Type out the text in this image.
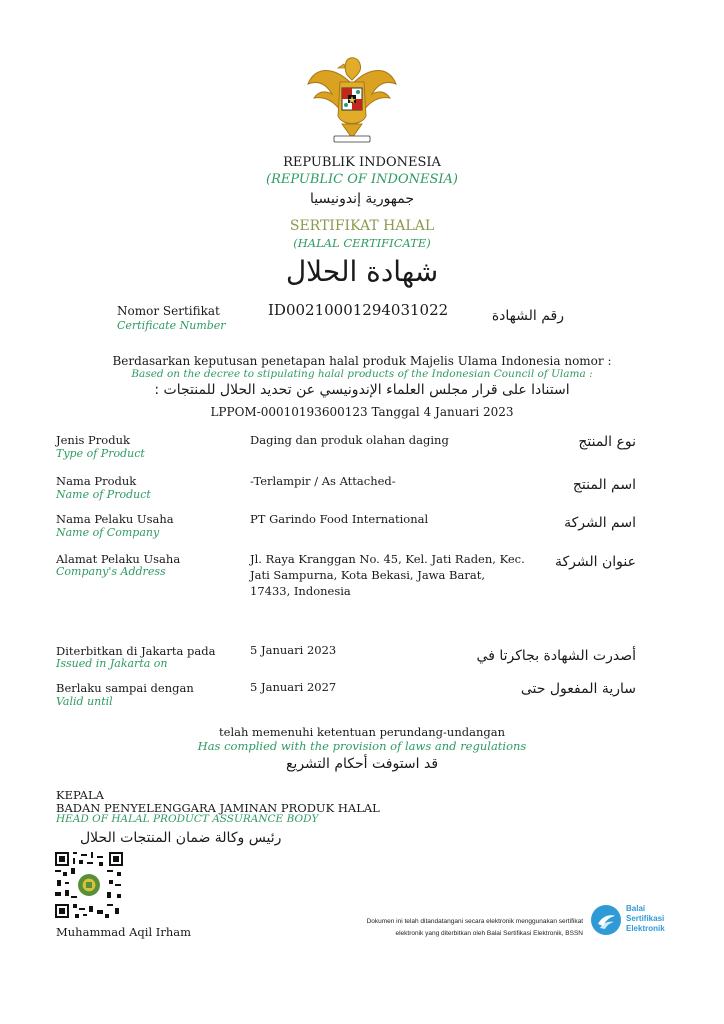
REPUBLIK INDONESIA
(REPUBLIC OF INDONESIA)
جمهورية إندونيسيا
SERTIFIKAT HALAL
(HALAL CERTIFICATE)
شهادة الحلال
Nomor Sertifikat
Certificate Number
ID00210001294031022	رقم الشهادة
Berdasarkan keputusan penetapan halal produk Majelis Ulama Indonesia nomor :
Based on the decree to stipulating halal products of the Indonesian Council of Ulama :
استنادا على قرار مجلس العلماء الإندونيسي عن تحديد الحلال للمنتجات :
LPPOM-00010193600123 Tanggal 4 Januari 2023
Jenis Produk
Type of Product
Daging dan produk olahan daging	نوع المنتج
Nama Produk
Name of Product
-Terlampir / As Attached-	اسم المنتج
Nama Pelaku Usaha
Name of Company
PT Garindo Food International	اسم الشركة
Alamat Pelaku Usaha
Company's Address
Jl. Raya Kranggan No. 45, Kel. Jati Raden, Kec.
Jati Sampurna, Kota Bekasi, Jawa Barat,
17433, Indonesia
عنوان الشركة
Diterbitkan di Jakarta pada
Issued in Jakarta on
5 Januari 2023	أصدرت الشهادة بجاكرتا في
Berlaku sampai dengan
Valid until
5 Januari 2027	سارية المفعول حتى
telah memenuhi ketentuan perundang-undangan
Has complied with the provision of laws and regulations
قد استوفت أحكام التشريع
KEPALA
BADAN PENYELENGGARA JAMINAN PRODUK HALAL
HEAD OF HALAL PRODUCT ASSURANCE BODY
رئيس وكالة ضمان المنتجات الحلال
Muhammad Aqil Irham
Dokumen ini telah ditandatangani secara elektronik menggunakan sertifikat
elektronik yang diterbitkan oleh Balai Sertifikasi Elektronik, BSSN
Balai
Sertifikasi
Elektronik
